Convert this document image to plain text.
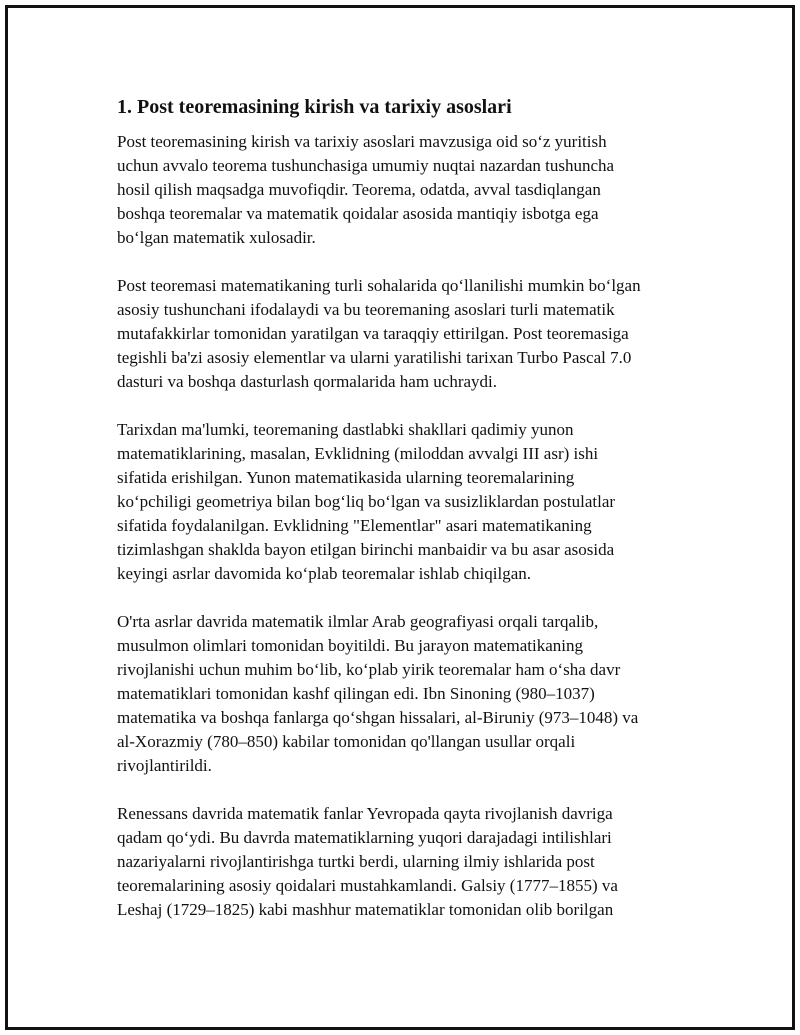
1. Post teoremasining kirish va tarixiy asoslari

Post teoremasining kirish va tarixiy asoslari mavzusiga oid so‘z yuritish
uchun avvalo teorema tushunchasiga umumiy nuqtai nazardan tushuncha
hosil qilish maqsadga muvofiqdir. Teorema, odatda, avval tasdiqlangan
boshqa teoremalar va matematik qoidalar asosida mantiqiy isbotga ega
bo‘lgan matematik xulosadir.

Post teoremasi matematikaning turli sohalarida qo‘llanilishi mumkin bo‘lgan
asosiy tushunchani ifodalaydi va bu teoremaning asoslari turli matematik
mutafakkirlar tomonidan yaratilgan va taraqqiy ettirilgan. Post teoremasiga
tegishli ba'zi asosiy elementlar va ularni yaratilishi tarixan Turbo Pascal 7.0
dasturi va boshqa dasturlash qormalarida ham uchraydi.

Tarixdan ma'lumki, teoremaning dastlabki shakllari qadimiy yunon
matematiklarining, masalan, Evklidning (miloddan avvalgi III asr) ishi
sifatida erishilgan. Yunon matematikasida ularning teoremalarining
ko‘pchiligi geometriya bilan bog‘liq bo‘lgan va susizliklardan postulatlar
sifatida foydalanilgan. Evklidning "Elementlar" asari matematikaning
tizimlashgan shaklda bayon etilgan birinchi manbaidir va bu asar asosida
keyingi asrlar davomida ko‘plab teoremalar ishlab chiqilgan.

O'rta asrlar davrida matematik ilmlar Arab geografiyasi orqali tarqalib,
musulmon olimlari tomonidan boyitildi. Bu jarayon matematikaning
rivojlanishi uchun muhim bo‘lib, ko‘plab yirik teoremalar ham o‘sha davr
matematiklari tomonidan kashf qilingan edi. Ibn Sinoning (980–1037)
matematika va boshqa fanlarga qo‘shgan hissalari, al-Biruniy (973–1048) va
al-Xorazmiy (780–850) kabilar tomonidan qo'llangan usullar orqali
rivojlantirildi.

Renessans davrida matematik fanlar Yevropada qayta rivojlanish davriga
qadam qo‘ydi. Bu davrda matematiklarning yuqori darajadagi intilishlari
nazariyalarni rivojlantirishga turtki berdi, ularning ilmiy ishlarida post
teoremalarining asosiy qoidalari mustahkamlandi. Galsiy (1777–1855) va
Leshaj (1729–1825) kabi mashhur matematiklar tomonidan olib borilgan
